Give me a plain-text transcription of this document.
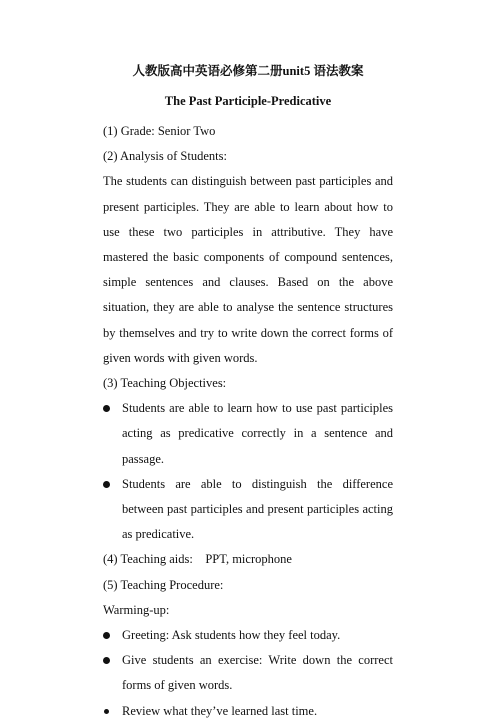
人教版高中英语必修第二册unit5 语法教案

The Past Participle-Predicative

(1) Grade: Senior Two

(2) Analysis of Students:

The students can distinguish between past participles and present participles. They are able to learn about how to use these two participles in attributive. They have mastered the basic components of compound sentences, simple sentences and clauses. Based on the above situation, they are able to analyse the sentence structures by themselves and try to write down the correct forms of given words with given words.

(3) Teaching Objectives:

Students are able to learn how to use past participles acting as predicative correctly in a sentence and passage.
Students are able to distinguish the difference between past participles and present participles acting as predicative.

(4) Teaching aids:    PPT, microphone

(5) Teaching Procedure:

Warming-up:

Greeting: Ask students how they feel today.
Give students an exercise: Write down the correct forms of given words.
Review what they’ve learned last time.
